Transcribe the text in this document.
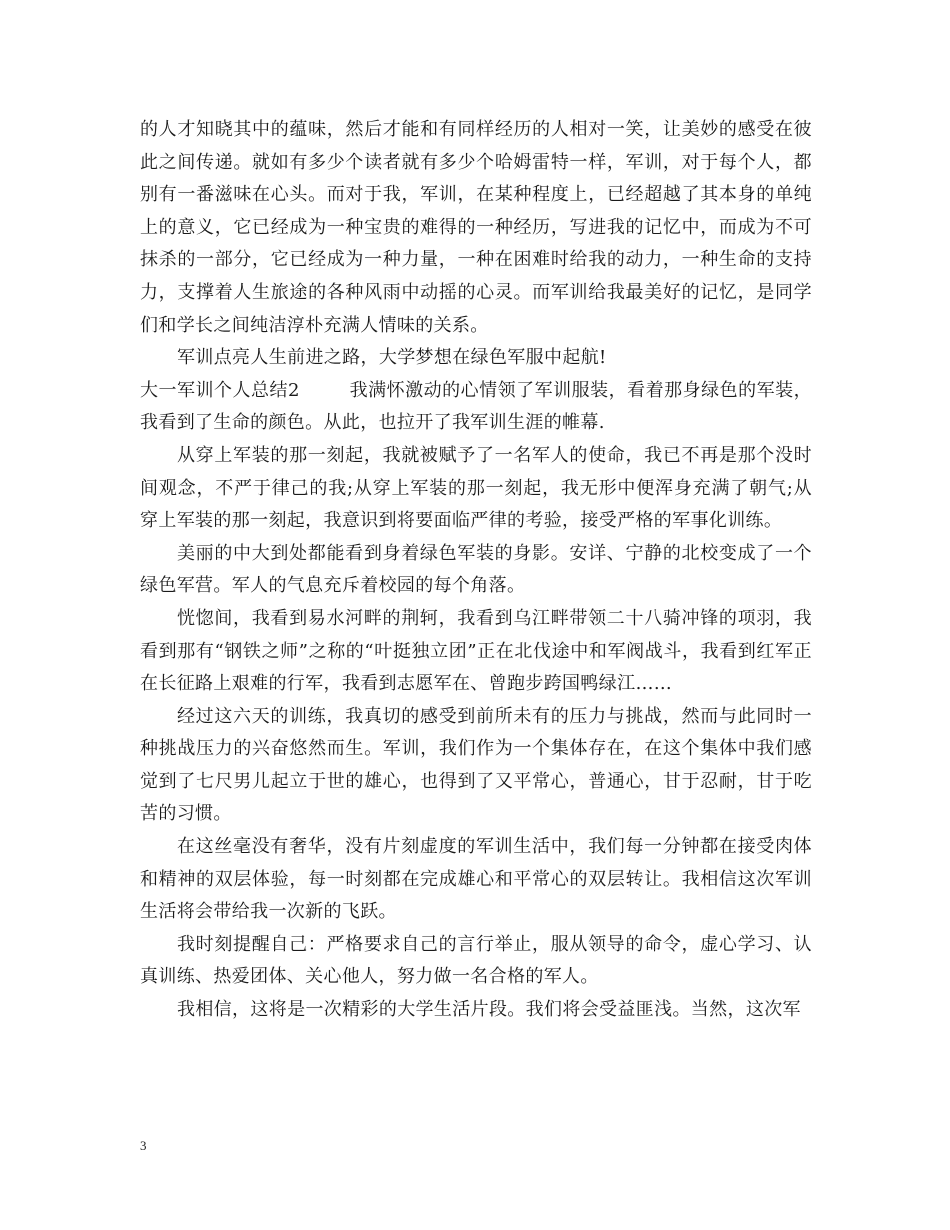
的人才知晓其中的蕴味，然后才能和有同样经历的人相对一笑，让美妙的感受在彼此之间传递。就如有多少个读者就有多少个哈姆雷特一样，军训，对于每个人，都别有一番滋味在心头。而对于我，军训，在某种程度上，已经超越了其本身的单纯上的意义，它已经成为一种宝贵的难得的一种经历，写进我的记忆中，而成为不可抹杀的一部分，它已经成为一种力量，一种在困难时给我的动力，一种生命的支持力，支撑着人生旅途的各种风雨中动摇的心灵。而军训给我最美好的记忆，是同学们和学长之间纯洁淳朴充满人情味的关系。

军训点亮人生前进之路，大学梦想在绿色军服中起航!

大一军训个人总结2        我满怀激动的心情领了军训服装，看着那身绿色的军装，我看到了生命的颜色。从此，也拉开了我军训生涯的帷幕.

从穿上军装的那一刻起，我就被赋予了一名军人的使命，我已不再是那个没时间观念，不严于律己的我;从穿上军装的那一刻起，我无形中便浑身充满了朝气;从穿上军装的那一刻起，我意识到将要面临严律的考验，接受严格的军事化训练。

美丽的中大到处都能看到身着绿色军装的身影。安详、宁静的北校变成了一个绿色军营。军人的气息充斥着校园的每个角落。

恍惚间，我看到易水河畔的荆轲，我看到乌江畔带领二十八骑冲锋的项羽，我看到那有“钢铁之师”之称的“叶挺独立团”正在北伐途中和军阀战斗，我看到红军正在长征路上艰难的行军，我看到志愿军在、曾跑步跨国鸭绿江……

经过这六天的训练，我真切的感受到前所未有的压力与挑战，然而与此同时一种挑战压力的兴奋悠然而生。军训，我们作为一个集体存在，在这个集体中我们感觉到了七尺男儿起立于世的雄心，也得到了又平常心，普通心，甘于忍耐，甘于吃苦的习惯。

在这丝毫没有奢华，没有片刻虚度的军训生活中，我们每一分钟都在接受肉体和精神的双层体验，每一时刻都在完成雄心和平常心的双层转让。我相信这次军训生活将会带给我一次新的飞跃。

我时刻提醒自己：严格要求自己的言行举止，服从领导的命令，虚心学习、认真训练、热爱团体、关心他人，努力做一名合格的军人。

我相信，这将是一次精彩的大学生活片段。我们将会受益匪浅。当然，这次军

3
